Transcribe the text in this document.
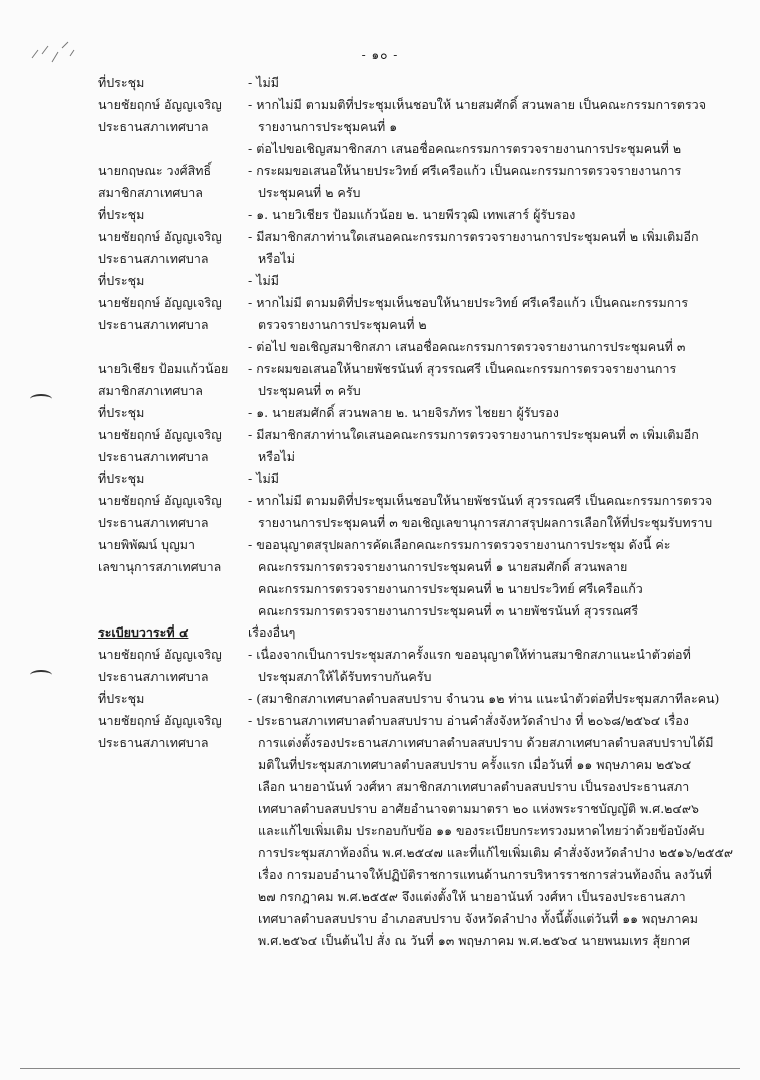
- ๑๐ -
ที่ประชุม	- ไม่มี
นายชัยฤกษ์ อัญญเจริญ
ประธานสภาเทศบาล
- หากไม่มี ตามมติที่ประชุมเห็นชอบให้ นายสมศักดิ์ สวนพลาย เป็นคณะกรรมการตรวจ
รายงานการประชุมคนที่ ๑
- ต่อไปขอเชิญสมาชิกสภา เสนอชื่อคณะกรรมการตรวจรายงานการประชุมคนที่ ๒
นายกฤษณะ วงศ์สิทธิ์
สมาชิกสภาเทศบาล
- กระผมขอเสนอให้นายประวิทย์ ศรีเครือแก้ว เป็นคณะกรรมการตรวจรายงานการ
ประชุมคนที่ ๒ ครับ
ที่ประชุม	- ๑. นายวิเชียร ป้อมแก้วน้อย ๒. นายพีรวุฒิ เทพเสาร์ ผู้รับรอง
นายชัยฤกษ์ อัญญเจริญ
ประธานสภาเทศบาล
- มีสมาชิกสภาท่านใดเสนอคณะกรรมการตรวจรายงานการประชุมคนที่ ๒ เพิ่มเติมอีก
หรือไม่
ที่ประชุม	- ไม่มี
นายชัยฤกษ์ อัญญเจริญ
ประธานสภาเทศบาล
- หากไม่มี ตามมติที่ประชุมเห็นชอบให้นายประวิทย์ ศรีเครือแก้ว เป็นคณะกรรมการ
ตรวจรายงานการประชุมคนที่ ๒
- ต่อไป ขอเชิญสมาชิกสภา เสนอชื่อคณะกรรมการตรวจรายงานการประชุมคนที่ ๓
นายวิเชียร ป้อมแก้วน้อย
สมาชิกสภาเทศบาล
- กระผมขอเสนอให้นายพัชรนันท์ สุวรรณศรี เป็นคณะกรรมการตรวจรายงานการ
ประชุมคนที่ ๓ ครับ
ที่ประชุม	- ๑. นายสมศักดิ์ สวนพลาย ๒. นายจิรภัทร ไชยยา ผู้รับรอง
นายชัยฤกษ์ อัญญเจริญ
ประธานสภาเทศบาล
- มีสมาชิกสภาท่านใดเสนอคณะกรรมการตรวจรายงานการประชุมคนที่ ๓ เพิ่มเติมอีก
หรือไม่
ที่ประชุม	- ไม่มี
นายชัยฤกษ์ อัญญเจริญ
ประธานสภาเทศบาล
- หากไม่มี ตามมติที่ประชุมเห็นชอบให้นายพัชรนันท์ สุวรรณศรี เป็นคณะกรรมการตรวจ
รายงานการประชุมคนที่ ๓ ขอเชิญเลขานุการสภาสรุปผลการเลือกให้ที่ประชุมรับทราบ
นายพิพัฒน์ บุญมา
เลขานุการสภาเทศบาล
- ขออนุญาตสรุปผลการคัดเลือกคณะกรรมการตรวจรายงานการประชุม ดังนี้ ค่ะ
คณะกรรมการตรวจรายงานการประชุมคนที่ ๑ นายสมศักดิ์ สวนพลาย
คณะกรรมการตรวจรายงานการประชุมคนที่ ๒ นายประวิทย์ ศรีเครือแก้ว
คณะกรรมการตรวจรายงานการประชุมคนที่ ๓ นายพัชรนันท์ สุวรรณศรี
ระเบียบวาระที่ ๔	เรื่องอื่นๆ
นายชัยฤกษ์ อัญญเจริญ
ประธานสภาเทศบาล
- เนื่องจากเป็นการประชุมสภาครั้งแรก ขออนุญาตให้ท่านสมาชิกสภาแนะนำตัวต่อที่
ประชุมสภาให้ได้รับทราบกันครับ
ที่ประชุม	- (สมาชิกสภาเทศบาลตำบลสบปราบ จำนวน ๑๒ ท่าน แนะนำตัวต่อที่ประชุมสภาทีละคน)
นายชัยฤกษ์ อัญญเจริญ
ประธานสภาเทศบาล
- ประธานสภาเทศบาลตำบลสบปราบ อ่านคำสั่งจังหวัดลำปาง ที่ ๒๐๖๘/๒๕๖๔ เรื่อง
การแต่งตั้งรองประธานสภาเทศบาลตำบลสบปราบ ด้วยสภาเทศบาลตำบลสบปราบได้มี
มติในที่ประชุมสภาเทศบาลตำบลสบปราบ ครั้งแรก เมื่อวันที่ ๑๑ พฤษภาคม ๒๕๖๔
เลือก นายอานันท์ วงศ์หา สมาชิกสภาเทศบาลตำบลสบปราบ เป็นรองประธานสภา
เทศบาลตำบลสบปราบ อาศัยอำนาจตามมาตรา ๒๐ แห่งพระราชบัญญัติ พ.ศ.๒๔๙๖
และแก้ไขเพิ่มเติม ประกอบกับข้อ ๑๑ ของระเบียบกระทรวงมหาดไทยว่าด้วยข้อบังคับ
การประชุมสภาท้องถิ่น พ.ศ.๒๕๔๗ และที่แก้ไขเพิ่มเติม คำสั่งจังหวัดลำปาง ๒๕๑๖/๒๕๕๙
เรื่อง การมอบอำนาจให้ปฏิบัติราชการแทนด้านการบริหารราชการส่วนท้องถิ่น ลงวันที่
๒๗ กรกฎาคม พ.ศ.๒๕๕๙ จึงแต่งตั้งให้ นายอานันท์ วงศ์หา เป็นรองประธานสภา
เทศบาลตำบลสบปราบ อำเภอสบปราบ จังหวัดลำปาง ทั้งนี้ตั้งแต่วันที่ ๑๑ พฤษภาคม
พ.ศ.๒๕๖๔ เป็นต้นไป สั่ง ณ วันที่ ๑๓ พฤษภาคม พ.ศ.๒๕๖๔ นายพนมเทร สุ้ยกาศ
